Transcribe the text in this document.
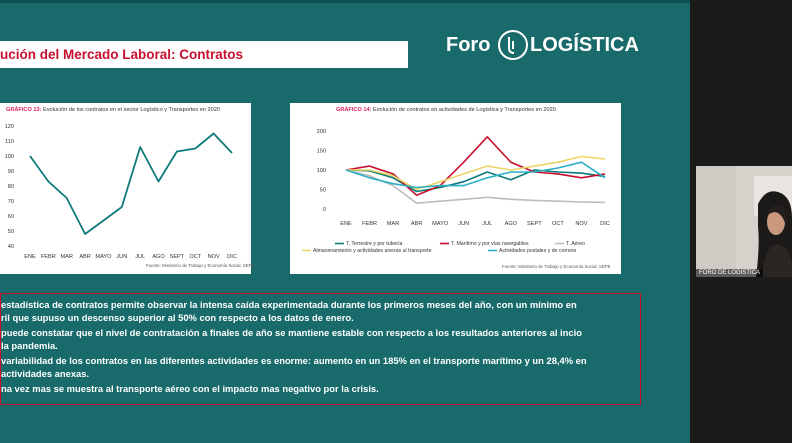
ución del Mercado Laboral: Contratos	Foro LOGÍSTICA
GRÁFICO 13: Evolución de los contratos en el sector Logístico y Transportes en 2020
40
50
60
70
80
90
100
110
120
ENE FEBR MAR ABR MAYO JUN JUL AGO SEPT OCT NOV DIC
Fuente: Ministerio de Trabajo y Economía Social, SEPE
GRÁFICO 14: Evolución de contratos en actividades de Logística y Transportes en 2020
0
50
100
150
200
ENE FEBR MAR ABR MAYO JUN JUL AGO SEPT OCT NOV DIC
T. Terrestre y por tubería	T. Marítimo y por vías navegables	T. Aéreo
Almacenamiento y actividades anexas al transporte	Actividades postales y de correos
Fuente: Ministerio de Trabajo y Economía Social, SEPE
estadística de contratos permite observar la intensa caída experimentada durante los primeros meses del año, con un mínimo en
ril que supuso un descenso superior al 50% con respecto a los datos de enero.
puede constatar que el nivel de contratación a finales de año se mantiene estable con respecto a los resultados anteriores al incio
la pandemia.
variabilidad de los contratos en las diferentes actividades es enorme: aumento en un 185% en el transporte marítimo y un 28,4% en
actividades anexas.
na vez mas se muestra al transporte aéreo con el impacto mas negativo por la crisis.
FORO DE LOGISTICA
